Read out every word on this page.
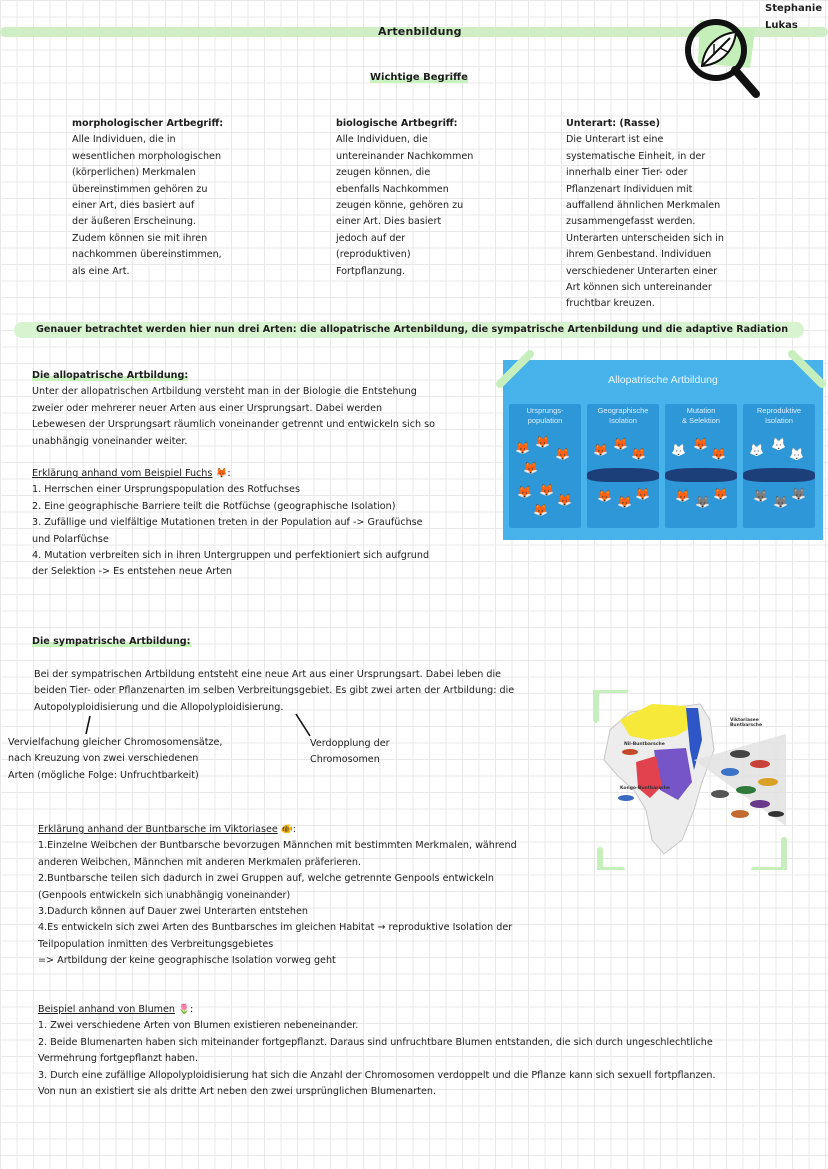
Artenbildung
Stephanie
Lukas
Wichtige Begriffe

morphologischer Artbegriff:

Alle Individuen, die in

wesentlichen morphologischen

(körperlichen) Merkmalen

übereinstimmen gehören zu

einer Art, dies basiert auf

der äußeren Erscheinung.

Zudem können sie mit ihren

nachkommen übereinstimmen,

als eine Art.

biologische Artbegriff:

Alle Individuen, die

untereinander Nachkommen

zeugen können, die

ebenfalls Nachkommen

zeugen könne, gehören zu

einer Art. Dies basiert

jedoch auf der

(reproduktiven)

Fortpflanzung.

Unterart: (Rasse)

Die Unterart ist eine

systematische Einheit, in der

innerhalb einer Tier- oder

Pflanzenart Individuen mit

auffallend ähnlichen Merkmalen

zusammengefasst werden.

Unterarten unterscheiden sich in

ihrem Genbestand. Individuen

verschiedener Unterarten einer

Art können sich untereinander

fruchtbar kreuzen.

Genauer betrachtet werden hier nun drei Arten: die allopatrische Artenbildung, die sympatrische Artenbildung und die adaptive Radiation

Die allopatrische Artbildung:

Unter der allopatrischen Artbildung versteht man in der Biologie die Entstehung

zweier oder mehrerer neuer Arten aus einer Ursprungsart. Dabei werden

Lebewesen der Ursprungsart räumlich voneinander getrennt und entwickeln sich so

unabhängig voneinander weiter.

Erklärung anhand vom Beispiel Fuchs 🦊:

1. Herrschen einer Ursprungspopulation des Rotfuchses

2. Eine geographische Barriere teilt die Rotfüchse (geographische Isolation)

3. Zufällige und vielfältige Mutationen treten in der Population auf -> Graufüchse

und Polarfüchse

4. Mutation verbreiten sich in ihren Untergruppen und perfektioniert sich aufgrund

der Selektion -> Es entstehen neue Arten

Allopatrische Artbildung
Ursprungs-
population
🦊 🦊
🦊
🦊
🦊 🦊
🦊
🦊
Geographische
Isolation
🦊 🦊
🦊
🦊 🦊
🦊
Mutation
& Selektion
🦊 🦊
🦊
🦊 🦊
🦊
Reproduktive
Isolation
🦊 🦊
🦊
🦊 🦊
🦊
Die sympatrische Artbildung:

Bei der sympatrischen Artbildung entsteht eine neue Art aus einer Ursprungsart. Dabei leben die

beiden Tier- oder Pflanzenarten im selben Verbreitungsgebiet. Es gibt zwei arten der Artbildung: die

Autopolyploidisierung und die Allopolyploidisierung.

Vervielfachung gleicher Chromosomensätze,

nach Kreuzung von zwei verschiedenen

Arten (mögliche Folge: Unfruchtbarkeit)

Verdopplung der

Chromosomen

Viktoriasee Buntbarsche
Nil-Buntbarsche
Kongo-Buntbarsche

Erklärung anhand der Buntbarsche im Viktoriasee 🐠:

1.Einzelne Weibchen der Buntbarsche bevorzugen Männchen mit bestimmten Merkmalen, während

anderen Weibchen, Männchen mit anderen Merkmalen präferieren.

2.Buntbarsche teilen sich dadurch in zwei Gruppen auf, welche getrennte Genpools entwickeln

(Genpools entwickeln sich unabhängig voneinander)

3.Dadurch können auf Dauer zwei Unterarten entstehen

4.Es entwickeln sich zwei Arten des Buntbarsches im gleichen Habitat → reproduktive Isolation der

Teilpopulation inmitten des Verbreitungsgebietes

=> Artbildung der keine geographische Isolation vorweg geht

Beispiel anhand von Blumen 🌷:

1. Zwei verschiedene Arten von Blumen existieren nebeneinander.

2. Beide Blumenarten haben sich miteinander fortgepflanzt. Daraus sind unfruchtbare Blumen entstanden, die sich durch ungeschlechtliche

Vermehrung fortgepflanzt haben.

3. Durch eine zufällige Allopolyploidisierung hat sich die Anzahl der Chromosomen verdoppelt und die Pflanze kann sich sexuell fortpflanzen.

Von nun an existiert sie als dritte Art neben den zwei ursprünglichen Blumenarten.
